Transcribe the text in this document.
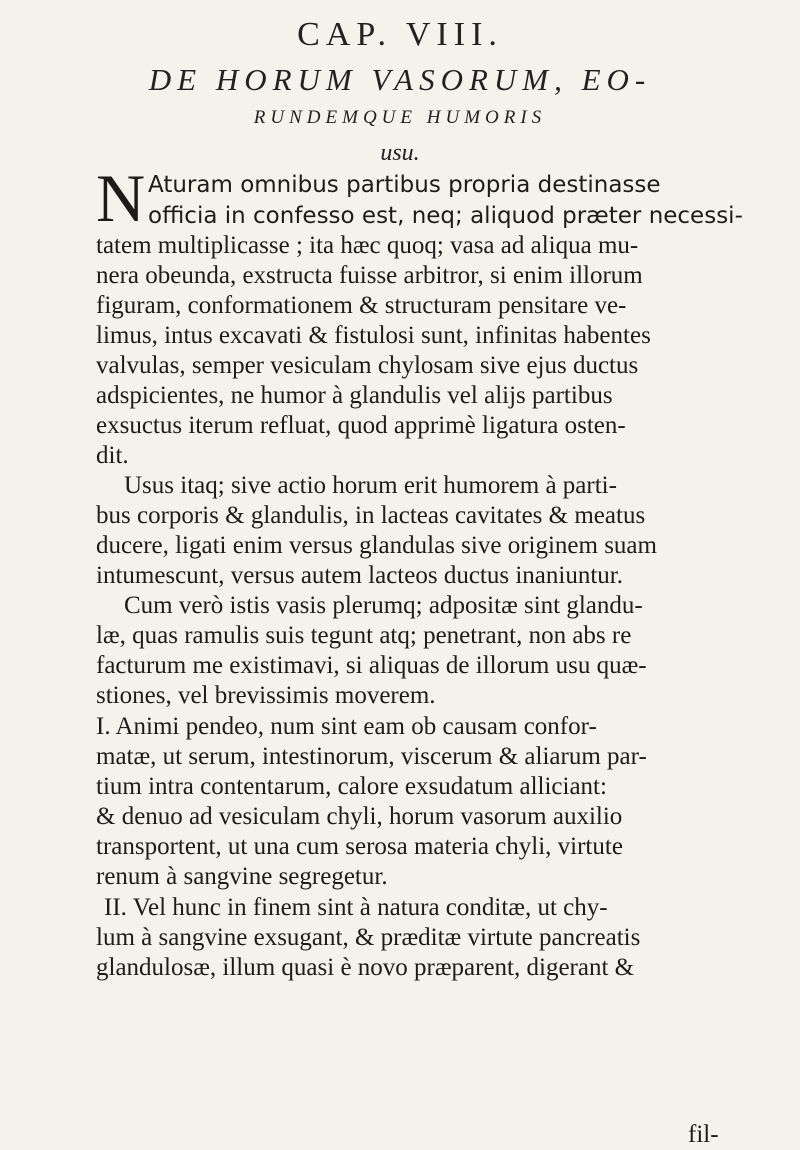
CAP. VIII.
DE HORUM VASORUM, EO-
RUNDEMQUE HUMORIS
usu.
N Aturam omnibus partibus propria destinasse
officia in confesso est, neq; aliquod præter necessi-
tatem multiplicasse ; ita hæc quoq; vasa ad aliqua mu-
nera obeunda, exstructa fuisse arbitror, si enim illorum
figuram, conformationem & structuram pensitare ve-
limus, intus excavati & fistulosi sunt, infinitas habentes
valvulas, semper vesiculam chylosam sive ejus ductus
adspicientes, ne humor à glandulis vel alijs partibus
exsuctus iterum refluat, quod apprimè ligatura osten-
dit.
Usus itaq; sive actio horum erit humorem à parti-
bus corporis & glandulis, in lacteas cavitates & meatus
ducere, ligati enim versus glandulas sive originem suam
intumescunt, versus autem lacteos ductus inaniuntur.
Cum verò istis vasis plerumq; adpositæ sint glandu-
læ, quas ramulis suis tegunt atq; penetrant, non abs re
facturum me existimavi, si aliquas de illorum usu quæ-
stiones, vel brevissimis moverem.
I. Animi pendeo, num sint eam ob causam confor-
matæ, ut serum, intestinorum, viscerum & aliarum par-
tium intra contentarum, calore exsudatum alliciant:
& denuo ad vesiculam chyli, horum vasorum auxilio
transportent, ut una cum serosa materia chyli, virtute
renum à sangvine segregetur.
II. Vel hunc in finem sint à natura conditæ, ut chy-
lum à sangvine exsugant, & præditæ virtute pancreatis
glandulosæ, illum quasi è novo præparent, digerant &
fil-
